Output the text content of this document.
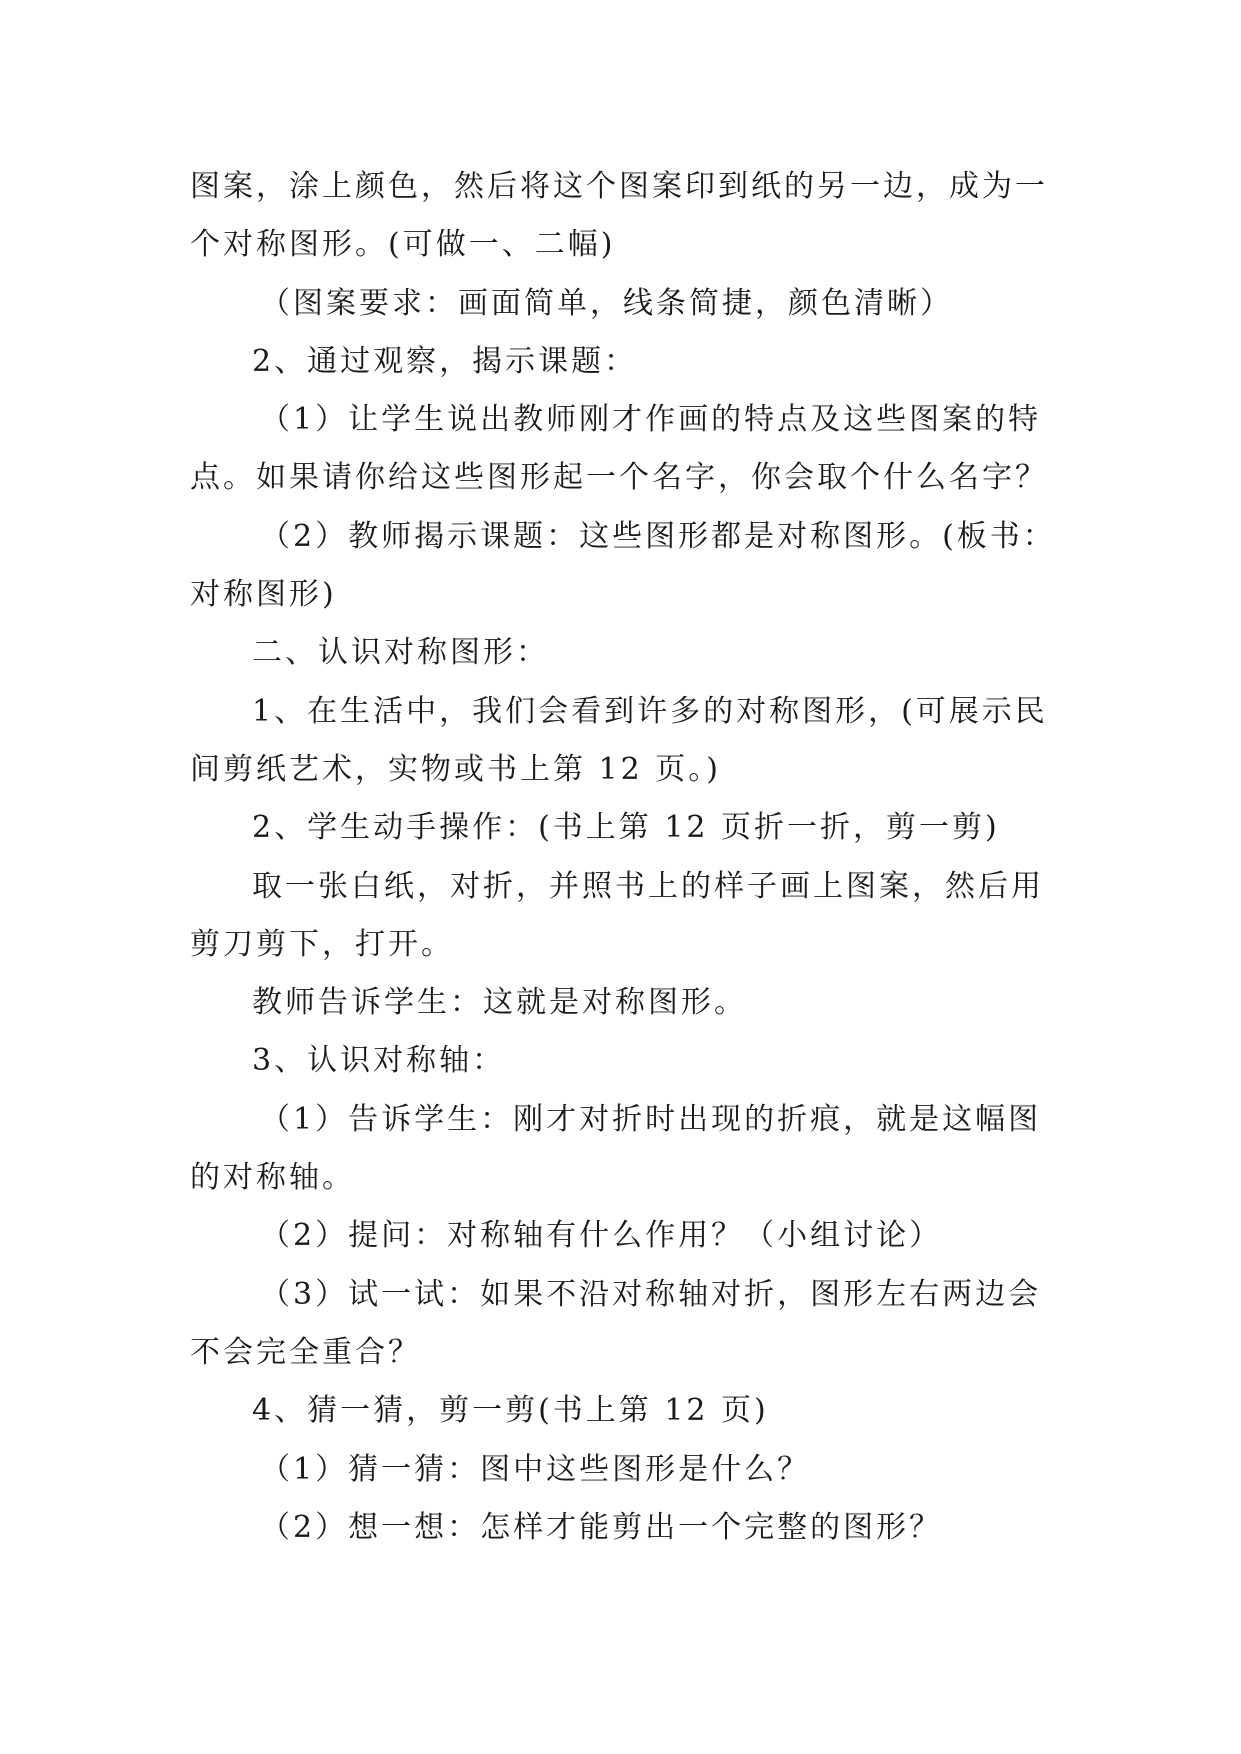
图案，涂上颜色，然后将这个图案印到纸的另一边，成为一
个对称图形。(可做一、二幅)
（图案要求：画面简单，线条简捷，颜色清晰）
2、通过观察，揭示课题：
（1）让学生说出教师刚才作画的特点及这些图案的特
点。如果请你给这些图形起一个名字，你会取个什么名字？
（2）教师揭示课题：这些图形都是对称图形。(板书：
对称图形)
二、认识对称图形：
1、在生活中，我们会看到许多的对称图形，(可展示民
间剪纸艺术，实物或书上第 12 页。)
2、学生动手操作：(书上第 12 页折一折，剪一剪)
取一张白纸，对折，并照书上的样子画上图案，然后用
剪刀剪下，打开。
教师告诉学生：这就是对称图形。
3、认识对称轴：
（1）告诉学生：刚才对折时出现的折痕，就是这幅图
的对称轴。
（2）提问：对称轴有什么作用？（小组讨论）
（3）试一试：如果不沿对称轴对折，图形左右两边会
不会完全重合？
4、猜一猜，剪一剪(书上第 12 页)
（1）猜一猜：图中这些图形是什么？
（2）想一想：怎样才能剪出一个完整的图形？
